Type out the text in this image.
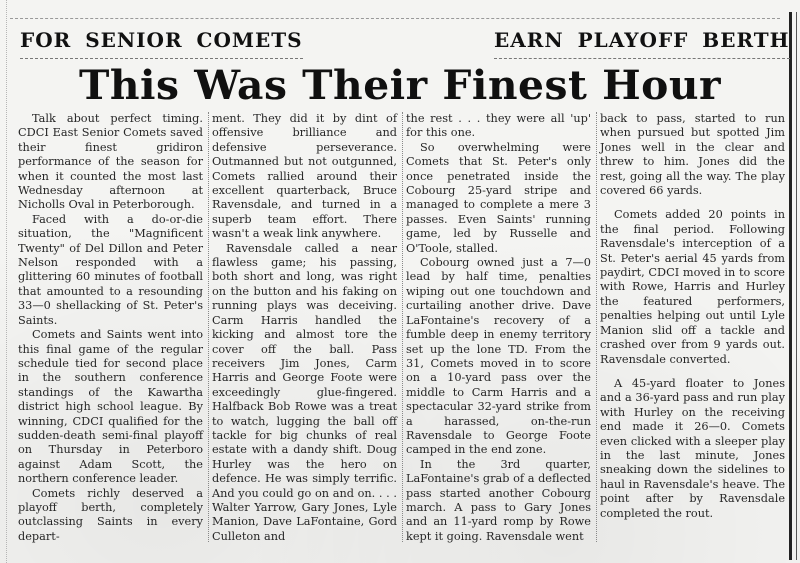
FOR SENIOR COMETS	EARN PLAYOFF BERTH
This Was Their Finest Hour

Talk about perfect timing. CDCI East Senior Comets saved their finest gridiron performance of the season for when it counted the most last Wednesday afternoon at Nicholls Oval in Peterborough.

Faced with a do-or-die situation, the "Magnificent Twenty" of Del Dillon and Peter Nelson responded with a glittering 60 minutes of football that amounted to a resounding 33—0 shellacking of St. Peter's Saints.

Comets and Saints went into this final game of the regular schedule tied for second place in the southern conference standings of the Kawartha district high school league. By winning, CDCI qualified for the sudden-death semi-final playoff on Thursday in Peterboro against Adam Scott, the northern conference leader.

Comets richly deserved a playoff berth, completely outclassing Saints in every depart-

ment. They did it by dint of offensive brilliance and defensive perseverance. Outmanned but not outgunned, Comets rallied around their excellent quarterback, Bruce Ravensdale, and turned in a superb team effort. There wasn't a weak link anywhere.

Ravensdale called a near flawless game; his passing, both short and long, was right on the button and his faking on running plays was deceiving. Carm Harris handled the kicking and almost tore the cover off the ball. Pass receivers Jim Jones, Carm Harris and George Foote were exceedingly glue-fingered. Halfback Bob Rowe was a treat to watch, lugging the ball off tackle for big chunks of real estate with a dandy shift. Doug Hurley was the hero on defence. He was simply terrific. And you could go on and on. . . . Walter Yarrow, Gary Jones, Lyle Manion, Dave LaFontaine, Gord Culleton and

the rest . . . they were all 'up' for this one.

So overwhelming were Comets that St. Peter's only once penetrated inside the Cobourg 25-yard stripe and managed to complete a mere 3 passes. Even Saints' running game, led by Russelle and O'Toole, stalled.

Cobourg owned just a 7—0 lead by half time, penalties wiping out one touchdown and curtailing another drive. Dave LaFontaine's recovery of a fumble deep in enemy territory set up the lone TD. From the 31, Comets moved in to score on a 10-yard pass over the middle to Carm Harris and a spectacular 32-yard strike from a harassed, on-the-run Ravensdale to George Foote camped in the end zone.

In the 3rd quarter, LaFontaine's grab of a deflected pass started another Cobourg march. A pass to Gary Jones and an 11-yard romp by Rowe kept it going. Ravensdale went

back to pass, started to run when pursued but spotted Jim Jones well in the clear and threw to him. Jones did the rest, going all the way. The play covered 66 yards.

Comets added 20 points in the final period. Following Ravensdale's interception of a St. Peter's aerial 45 yards from paydirt, CDCI moved in to score with Rowe, Harris and Hurley the featured performers, penalties helping out until Lyle Manion slid off a tackle and crashed over from 9 yards out. Ravensdale converted.

A 45-yard floater to Jones and a 36-yard pass and run play with Hurley on the receiving end made it 26—0. Comets even clicked with a sleeper play in the last minute, Jones sneaking down the sidelines to haul in Ravensdale's heave. The point after by Ravensdale completed the rout.
